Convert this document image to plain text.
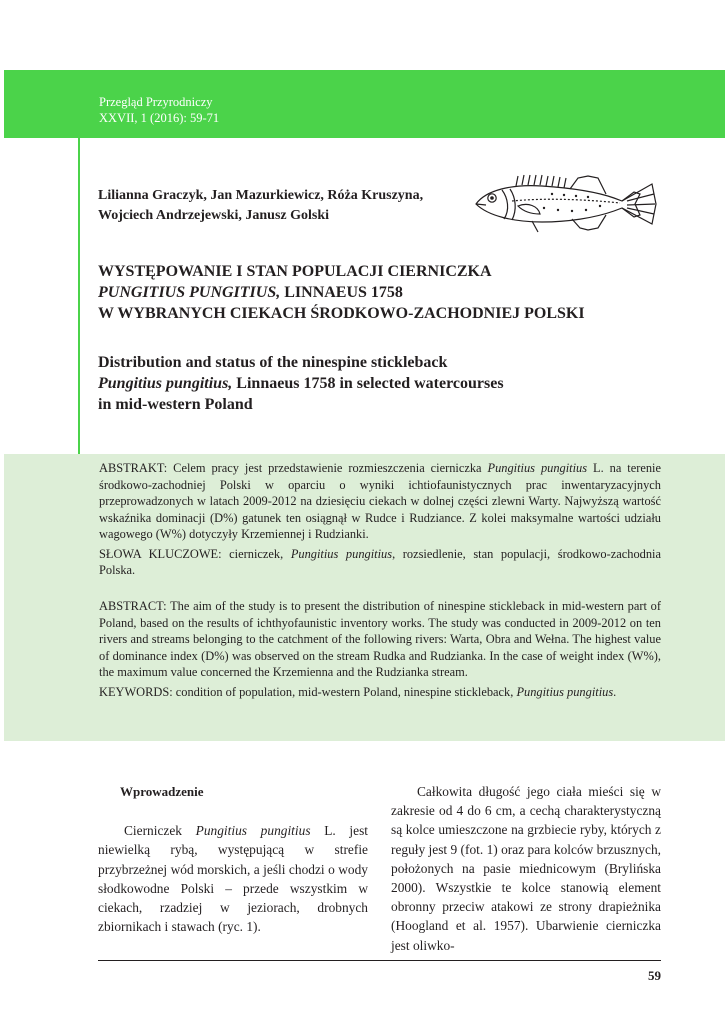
Przegląd Przyrodniczy
XXVII, 1 (2016): 59-71
Lilianna Graczyk, Jan Mazurkiewicz, Róża Kruszyna,
Wojciech Andrzejewski, Janusz Golski
WYSTĘPOWANIE I STAN POPULACJI CIERNICZKA
PUNGITIUS PUNGITIUS, LINNAEUS 1758
W WYBRANYCH CIEKACH ŚRODKOWO-ZACHODNIEJ POLSKI
Distribution and status of the ninespine stickleback
Pungitius pungitius, Linnaeus 1758 in selected watercourses
in mid-western Poland

ABSTRAKT: Celem pracy jest przedstawienie rozmieszczenia cierniczka Pungitius pungitius L. na terenie środkowo-zachodniej Polski w oparciu o wyniki ichtiofaunistycznych prac inwentaryzacyjnych przeprowadzonych w latach 2009-2012 na dziesięciu ciekach w dolnej części zlewni Warty. Najwyższą wartość wskaźnika dominacji (D%) gatunek ten osiągnął w Rudce i Rudziance. Z kolei maksymalne wartości udziału wagowego (W%) dotyczyły Krzemiennej i Rudzianki.

SŁOWA KLUCZOWE: cierniczek, Pungitius pungitius, rozsiedlenie, stan populacji, środkowo-zachodnia Polska.

ABSTRACT: The aim of the study is to present the distribution of ninespine stickleback in mid-western part of Poland, based on the results of ichthyofaunistic inventory works. The study was conducted in 2009-2012 on ten rivers and streams belonging to the catchment of the following rivers: Warta, Obra and Wełna. The highest value of dominance index (D%) was observed on the stream Rudka and Rudzianka. In the case of weight index (W%), the maximum value concerned the Krzemienna and the Rudzianka stream.

KEYWORDS: condition of population, mid-western Poland, ninespine stickleback, Pungitius pungitius.

Wprowadzenie

Cierniczek Pungitius pungitius L. jest niewielką rybą, występującą w strefie przybrzeżnej wód morskich, a jeśli chodzi o wody słodkowodne Polski – przede wszystkim w ciekach, rzadziej w jeziorach, drobnych zbiornikach i stawach (ryc. 1).

Całkowita długość jego ciała mieści się w zakresie od 4 do 6 cm, a cechą charakterystyczną są kolce umieszczone na grzbiecie ryby, których z reguły jest 9 (fot. 1) oraz para kolców brzusznych, położonych na pasie miednicowym (Brylińska 2000). Wszystkie te kolce stanowią element obronny przeciw atakowi ze strony drapieżnika (Hoogland et al. 1957). Ubarwienie cierniczka jest oliwko-

59
